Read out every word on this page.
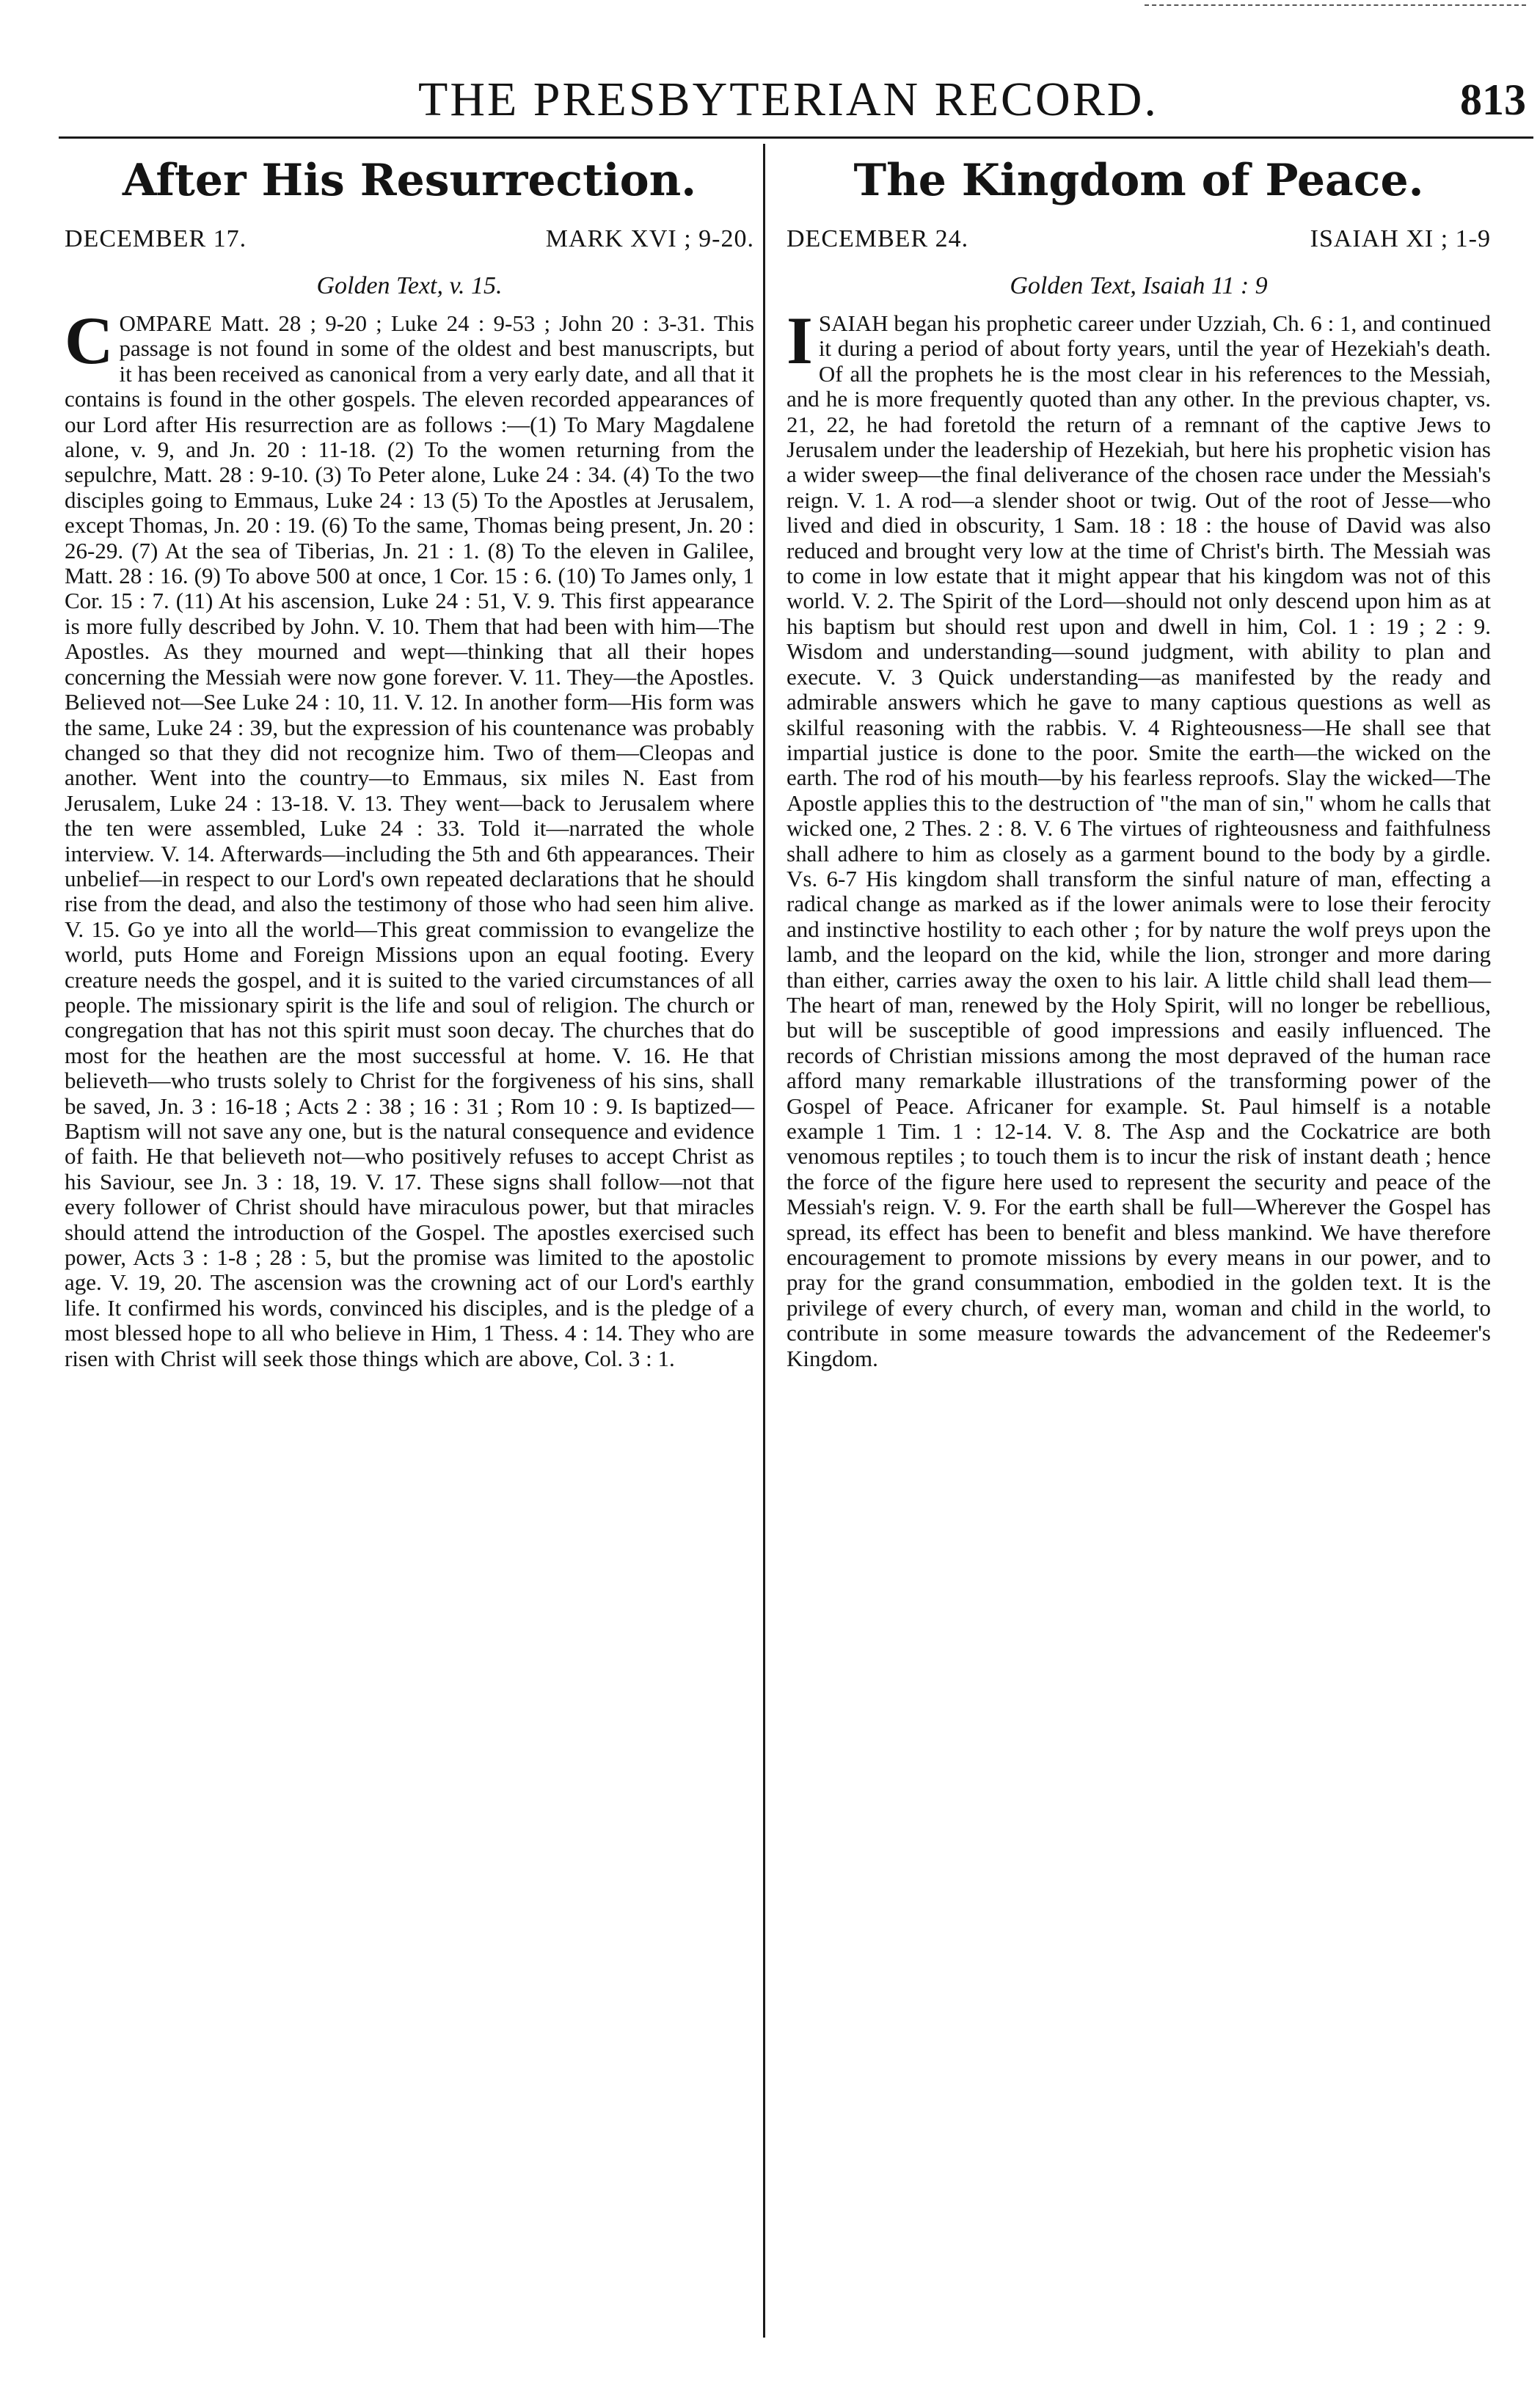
THE PRESBYTERIAN RECORD.	813
After His Resurrection.
DECEMBER 17.	MARK XVI ; 9-20.
Golden Text, v. 15.

COMPARE Matt. 28 ; 9-20 ; Luke 24 : 9-53 ; John 20 : 3-31. This passage is not found in some of the oldest and best manuscripts, but it has been received as canonical from a very early date, and all that it contains is found in the other gospels. The eleven recorded appearances of our Lord after His resurrection are as follows :—(1) To Mary Magdalene alone, v. 9, and Jn. 20 : 11-18. (2) To the women returning from the sepulchre, Matt. 28 : 9-10. (3) To Peter alone, Luke 24 : 34. (4) To the two disciples going to Emmaus, Luke 24 : 13 (5) To the Apostles at Jerusalem, except Thomas, Jn. 20 : 19. (6) To the same, Thomas being present, Jn. 20 : 26-29. (7) At the sea of Tiberias, Jn. 21 : 1. (8) To the eleven in Galilee, Matt. 28 : 16. (9) To above 500 at once, 1 Cor. 15 : 6. (10) To James only, 1 Cor. 15 : 7. (11) At his ascension, Luke 24 : 51, V. 9. This first appearance is more fully described by John. V. 10. Them that had been with him—The Apostles. As they mourned and wept—thinking that all their hopes concerning the Messiah were now gone forever. V. 11. They—the Apostles. Believed not—See Luke 24 : 10, 11. V. 12. In another form—His form was the same, Luke 24 : 39, but the expression of his countenance was probably changed so that they did not recognize him. Two of them—Cleopas and another. Went into the country—to Emmaus, six miles N. East from Jerusalem, Luke 24 : 13-18. V. 13. They went—back to Jerusalem where the ten were assembled, Luke 24 : 33. Told it—narrated the whole interview. V. 14. Afterwards—including the 5th and 6th appearances. Their unbelief—in respect to our Lord's own repeated declarations that he should rise from the dead, and also the testimony of those who had seen him alive. V. 15. Go ye into all the world—This great commission to evangelize the world, puts Home and Foreign Missions upon an equal footing. Every creature needs the gospel, and it is suited to the varied circumstances of all people. The missionary spirit is the life and soul of religion. The church or congregation that has not this spirit must soon decay. The churches that do most for the heathen are the most successful at home. V. 16. He that believeth—who trusts solely to Christ for the forgiveness of his sins, shall be saved, Jn. 3 : 16-18 ; Acts 2 : 38 ; 16 : 31 ; Rom 10 : 9. Is baptized—Baptism will not save any one, but is the natural consequence and evidence of faith. He that believeth not—who positively refuses to accept Christ as his Saviour, see Jn. 3 : 18, 19. V. 17. These signs shall follow—not that every follower of Christ should have miraculous power, but that miracles should attend the introduction of the Gospel. The apostles exercised such power, Acts 3 : 1-8 ; 28 : 5, but the promise was limited to the apostolic age. V. 19, 20. The ascension was the crowning act of our Lord's earthly life. It confirmed his words, convinced his disciples, and is the pledge of a most blessed hope to all who believe in Him, 1 Thess. 4 : 14. They who are risen with Christ will seek those things which are above, Col. 3 : 1.

The Kingdom of Peace.
DECEMBER 24.	ISAIAH XI ; 1-9
Golden Text, Isaiah 11 : 9

ISAIAH began his prophetic career under Uzziah, Ch. 6 : 1, and continued it during a period of about forty years, until the year of Hezekiah's death. Of all the prophets he is the most clear in his references to the Messiah, and he is more frequently quoted than any other. In the previous chapter, vs. 21, 22, he had foretold the return of a remnant of the captive Jews to Jerusalem under the leadership of Hezekiah, but here his prophetic vision has a wider sweep—the final deliverance of the chosen race under the Messiah's reign. V. 1. A rod—a slender shoot or twig. Out of the root of Jesse—who lived and died in obscurity, 1 Sam. 18 : 18 : the house of David was also reduced and brought very low at the time of Christ's birth. The Messiah was to come in low estate that it might appear that his kingdom was not of this world. V. 2. The Spirit of the Lord—should not only descend upon him as at his baptism but should rest upon and dwell in him, Col. 1 : 19 ; 2 : 9. Wisdom and understanding—sound judgment, with ability to plan and execute. V. 3 Quick understanding—as manifested by the ready and admirable answers which he gave to many captious questions as well as skilful reasoning with the rabbis. V. 4 Righteousness—He shall see that impartial justice is done to the poor. Smite the earth—the wicked on the earth. The rod of his mouth—by his fearless reproofs. Slay the wicked—The Apostle applies this to the destruction of "the man of sin," whom he calls that wicked one, 2 Thes. 2 : 8. V. 6 The virtues of righteousness and faithfulness shall adhere to him as closely as a garment bound to the body by a girdle. Vs. 6-7 His kingdom shall transform the sinful nature of man, effecting a radical change as marked as if the lower animals were to lose their ferocity and instinctive hostility to each other ; for by nature the wolf preys upon the lamb, and the leopard on the kid, while the lion, stronger and more daring than either, carries away the oxen to his lair. A little child shall lead them—The heart of man, renewed by the Holy Spirit, will no longer be rebellious, but will be susceptible of good impressions and easily influenced. The records of Christian missions among the most depraved of the human race afford many remarkable illustrations of the transforming power of the Gospel of Peace. Africaner for example. St. Paul himself is a notable example 1 Tim. 1 : 12-14. V. 8. The Asp and the Cockatrice are both venomous reptiles ; to touch them is to incur the risk of instant death ; hence the force of the figure here used to represent the security and peace of the Messiah's reign. V. 9. For the earth shall be full—Wherever the Gospel has spread, its effect has been to benefit and bless mankind. We have therefore encouragement to promote missions by every means in our power, and to pray for the grand consummation, embodied in the golden text. It is the privilege of every church, of every man, woman and child in the world, to contribute in some measure towards the advancement of the Redeemer's Kingdom.
